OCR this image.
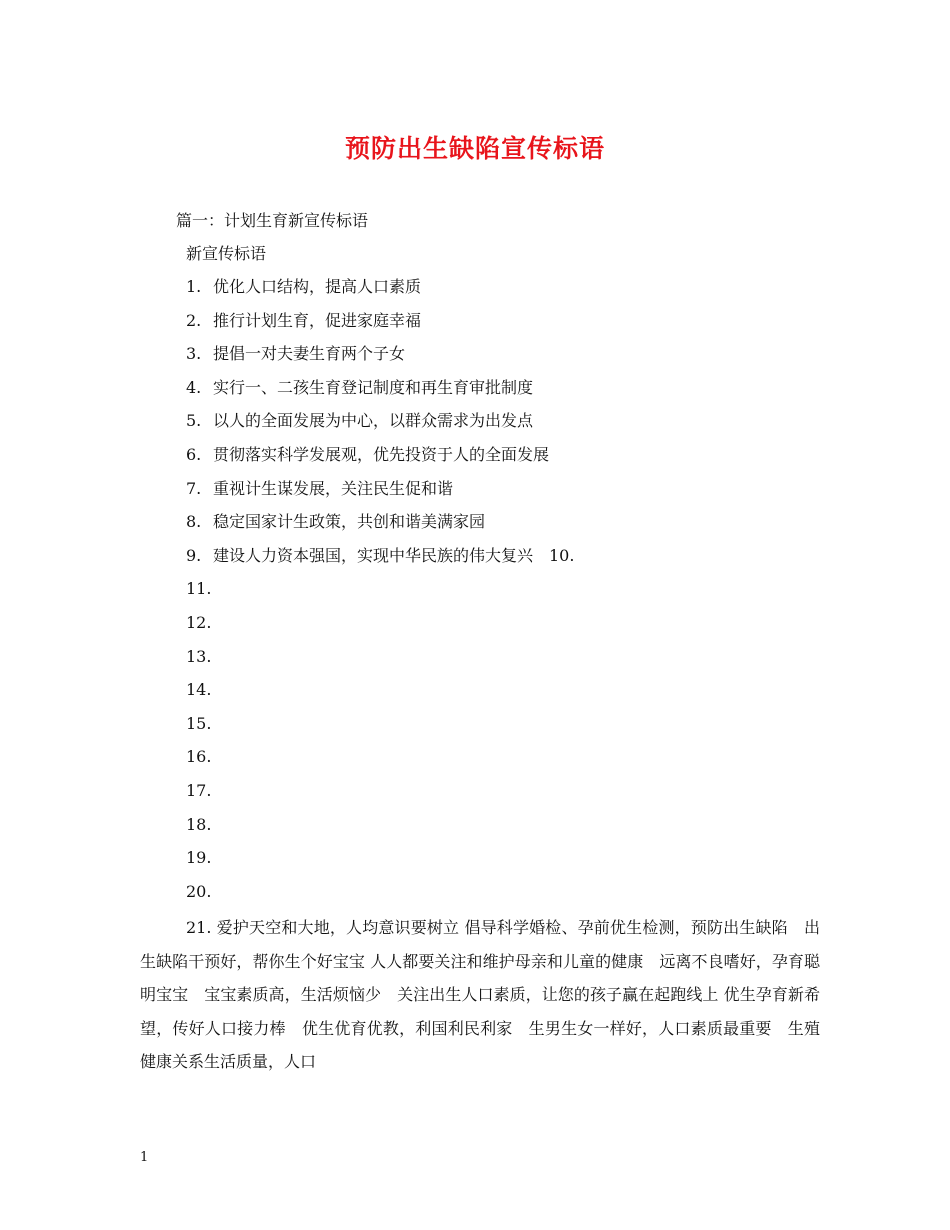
预防出生缺陷宣传标语
篇一：计划生育新宣传标语
新宣传标语
1. 优化人口结构，提高人口素质
2. 推行计划生育，促进家庭幸福
3. 提倡一对夫妻生育两个子女
4. 实行一、二孩生育登记制度和再生育审批制度
5. 以人的全面发展为中心，以群众需求为出发点
6. 贯彻落实科学发展观，优先投资于人的全面发展
7. 重视计生谋发展，关注民生促和谐
8. 稳定国家计生政策，共创和谐美满家园
9. 建设人力资本强国，实现中华民族的伟大复兴　10.
11.
12.
13.
14.
15.
16.
17.
18.
19.
20.

21. 爱护天空和大地，人均意识要树立 倡导科学婚检、孕前优生检测，预防出生缺陷　出生缺陷干预好，帮你生个好宝宝 人人都要关注和维护母亲和儿童的健康　远离不良嗜好，孕育聪明宝宝　宝宝素质高，生活烦恼少　关注出生人口素质，让您的孩子赢在起跑线上 优生孕育新希望，传好人口接力棒　优生优育优教，利国利民利家　生男生女一样好，人口素质最重要　生殖健康关系生活质量，人口

1
